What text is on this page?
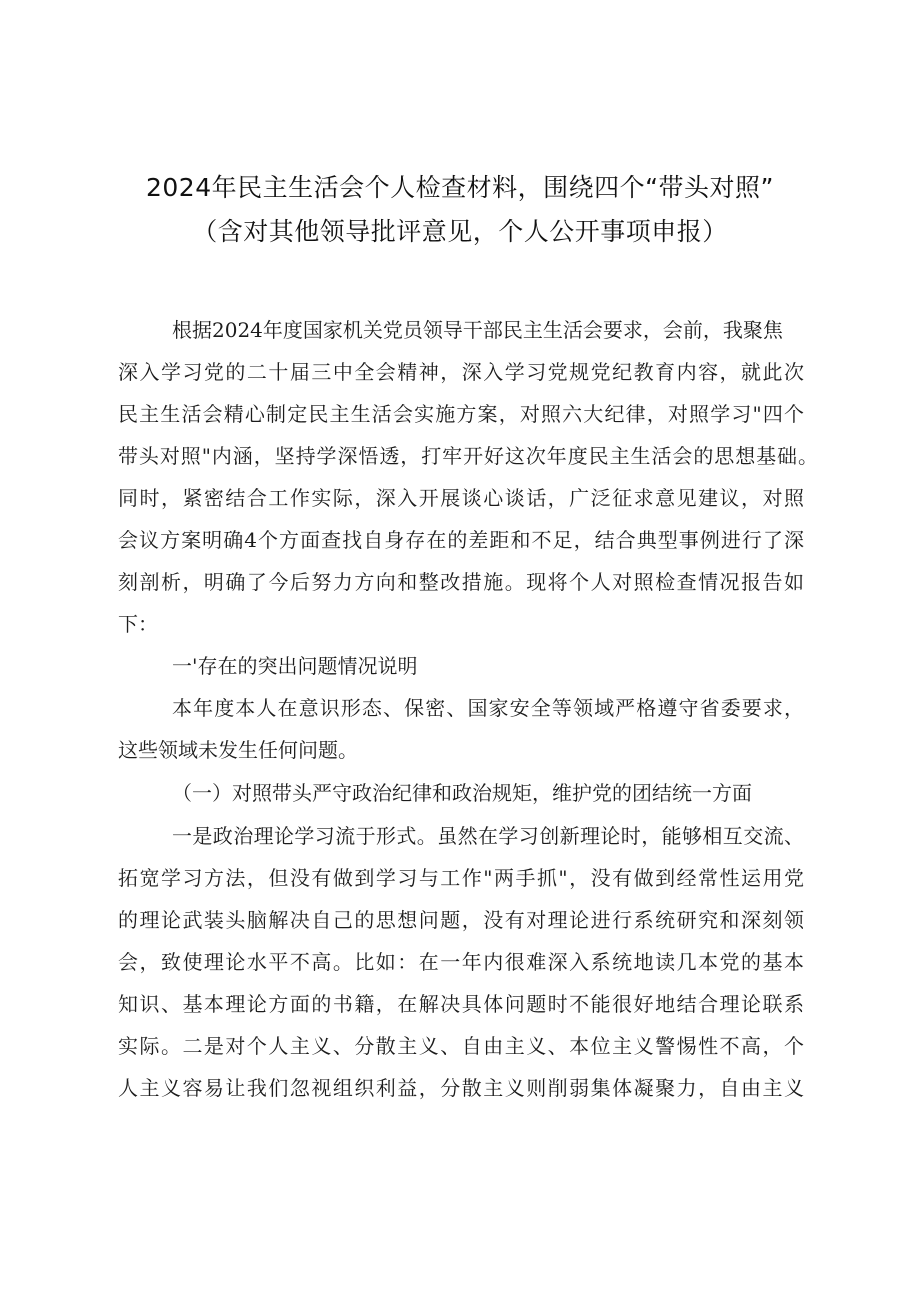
2024年民主生活会个人检查材料，围绕四个“带头对照”
（含对其他领导批评意见，个人公开事项申报）
根据2024年度国家机关党员领导干部民主生活会要求，会前，我聚焦
深入学习党的二十届三中全会精神，深入学习党规党纪教育内容，就此次
民主生活会精心制定民主生活会实施方案，对照六大纪律，对照学习"四个
带头对照"内涵，坚持学深悟透，打牢开好这次年度民主生活会的思想基础。
同时，紧密结合工作实际，深入开展谈心谈话，广泛征求意见建议，对照
会议方案明确4个方面查找自身存在的差距和不足，结合典型事例进行了深
刻剖析，明确了今后努力方向和整改措施。现将个人对照检查情况报告如
下：
一'存在的突出问题情况说明
本年度本人在意识形态、保密、国家安全等领域严格遵守省委要求，
这些领域未发生任何问题。
（一）对照带头严守政治纪律和政治规矩，维护党的团结统一方面
一是政治理论学习流于形式。虽然在学习创新理论时，能够相互交流、
拓宽学习方法，但没有做到学习与工作"两手抓"，没有做到经常性运用党
的理论武装头脑解决自己的思想问题，没有对理论进行系统研究和深刻领
会，致使理论水平不高。比如：在一年内很难深入系统地读几本党的基本
知识、基本理论方面的书籍，在解决具体问题时不能很好地结合理论联系
实际。二是对个人主义、分散主义、自由主义、本位主义警惕性不高，个
人主义容易让我们忽视组织利益，分散主义则削弱集体凝聚力，自由主义
